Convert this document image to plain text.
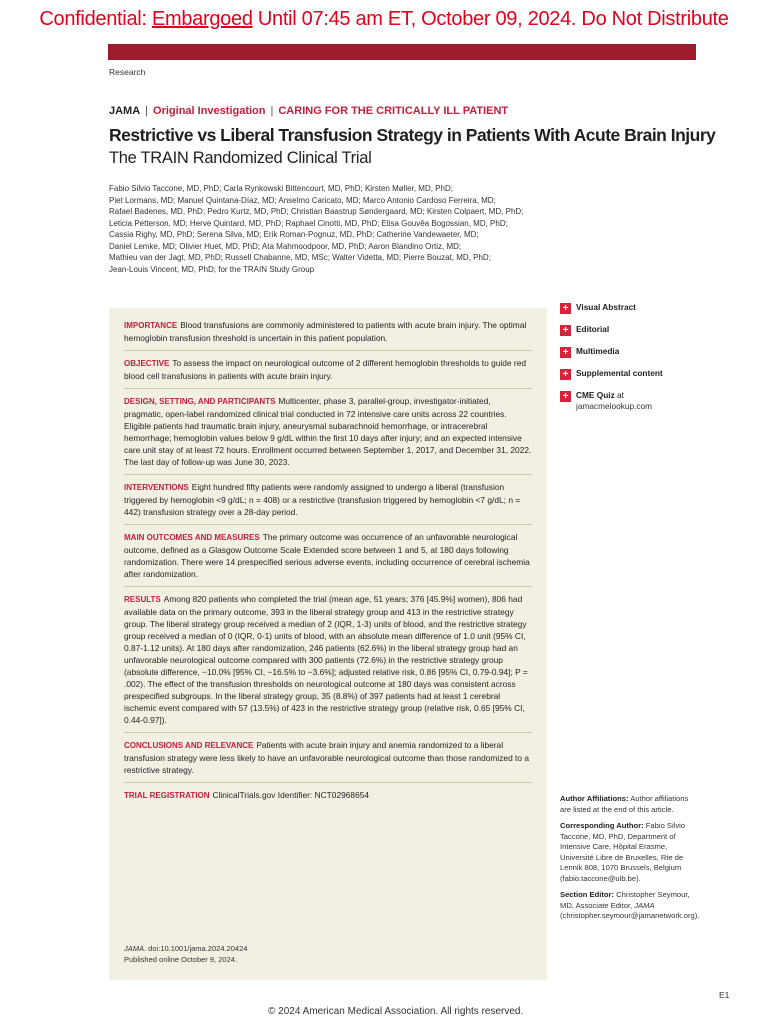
Confidential: Embargoed Until 07:45 am ET, October 09, 2024. Do Not Distribute
Research
JAMA | Original Investigation | CARING FOR THE CRITICALLY ILL PATIENT
Restrictive vs Liberal Transfusion Strategy in Patients With Acute Brain Injury
The TRAIN Randomized Clinical Trial
Fabio Silvio Taccone, MD, PhD; Carla Rynkowski Bittencourt, MD, PhD; Kirsten Møller, MD, PhD;
Piet Lormans, MD; Manuel Quintana-Díaz, MD; Anselmo Caricato, MD; Marco Antonio Cardoso Ferreira, MD;
Rafael Badenes, MD, PhD; Pedro Kurtz, MD, PhD; Christian Baastrup Søndergaard, MD; Kirsten Colpaert, MD, PhD;
Leticia Petterson, MD; Herve Quintard, MD, PhD; Raphael Cinotti, MD, PhD; Elisa Gouvêa Bogossian, MD, PhD;
Cassia Righy, MD, PhD; Serena Silva, MD; Erik Roman-Pognuz, MD, PhD; Catherine Vandewaeter, MD;
Daniel Lemke, MD; Olivier Huet, MD, PhD; Ata Mahmoodpoor, MD, PhD; Aaron Blandino Ortiz, MD;
Mathieu van der Jagt, MD, PhD; Russell Chabanne, MD, MSc; Walter Videtta, MD; Pierre Bouzat, MD, PhD;
Jean-Louis Vincent, MD, PhD; for the TRAIN Study Group

IMPORTANCE Blood transfusions are commonly administered to patients with acute brain injury. The optimal hemoglobin transfusion threshold is uncertain in this patient population.

OBJECTIVE To assess the impact on neurological outcome of 2 different hemoglobin thresholds to guide red blood cell transfusions in patients with acute brain injury.

DESIGN, SETTING, AND PARTICIPANTS Multicenter, phase 3, parallel-group, investigator-initiated, pragmatic, open-label randomized clinical trial conducted in 72 intensive care units across 22 countries. Eligible patients had traumatic brain injury, aneurysmal subarachnoid hemorrhage, or intracerebral hemorrhage; hemoglobin values below 9 g/dL within the first 10 days after injury; and an expected intensive care unit stay of at least 72 hours. Enrollment occurred between September 1, 2017, and December 31, 2022. The last day of follow-up was June 30, 2023.

INTERVENTIONS Eight hundred fifty patients were randomly assigned to undergo a liberal (transfusion triggered by hemoglobin <9 g/dL; n = 408) or a restrictive (transfusion triggered by hemoglobin <7 g/dL; n = 442) transfusion strategy over a 28-day period.

MAIN OUTCOMES AND MEASURES The primary outcome was occurrence of an unfavorable neurological outcome, defined as a Glasgow Outcome Scale Extended score between 1 and 5, at 180 days following randomization. There were 14 prespecified serious adverse events, including occurrence of cerebral ischemia after randomization.

RESULTS Among 820 patients who completed the trial (mean age, 51 years; 376 [45.9%] women), 806 had available data on the primary outcome, 393 in the liberal strategy group and 413 in the restrictive strategy group. The liberal strategy group received a median of 2 (IQR, 1-3) units of blood, and the restrictive strategy group received a median of 0 (IQR, 0-1) units of blood, with an absolute mean difference of 1.0 unit (95% CI, 0.87-1.12 units). At 180 days after randomization, 246 patients (62.6%) in the liberal strategy group had an unfavorable neurological outcome compared with 300 patients (72.6%) in the restrictive strategy group (absolute difference, −10.0% [95% CI, −16.5% to −3.6%]; adjusted relative risk, 0.86 [95% CI, 0.79-0.94]; P = .002). The effect of the transfusion thresholds on neurological outcome at 180 days was consistent across prespecified subgroups. In the liberal strategy group, 35 (8.8%) of 397 patients had at least 1 cerebral ischemic event compared with 57 (13.5%) of 423 in the restrictive strategy group (relative risk, 0.65 [95% CI, 0.44-0.97]).

CONCLUSIONS AND RELEVANCE Patients with acute brain injury and anemia randomized to a liberal transfusion strategy were less likely to have an unfavorable neurological outcome than those randomized to a restrictive strategy.

TRIAL REGISTRATION ClinicalTrials.gov Identifier: NCT02968654

JAMA. doi:10.1001/jama.2024.20424
Published online October 9, 2024.
+ Visual Abstract
+ Editorial
+ Multimedia
+ Supplemental content
+ CME Quiz at
jamacmelookup.com

Author Affiliations: Author affiliations are listed at the end of this article.

Corresponding Author: Fabio Silvio Taccone, MD, PhD, Department of Intensive Care, Hôpital Erasme, Université Libre de Bruxelles, Rte de Lennik 808, 1070 Brussels, Belgium (fabio.taccone@ulb.be).

Section Editor: Christopher Seymour, MD, Associate Editor, JAMA (christopher.seymour@jamanetwork.org).

E1
© 2024 American Medical Association. All rights reserved.
